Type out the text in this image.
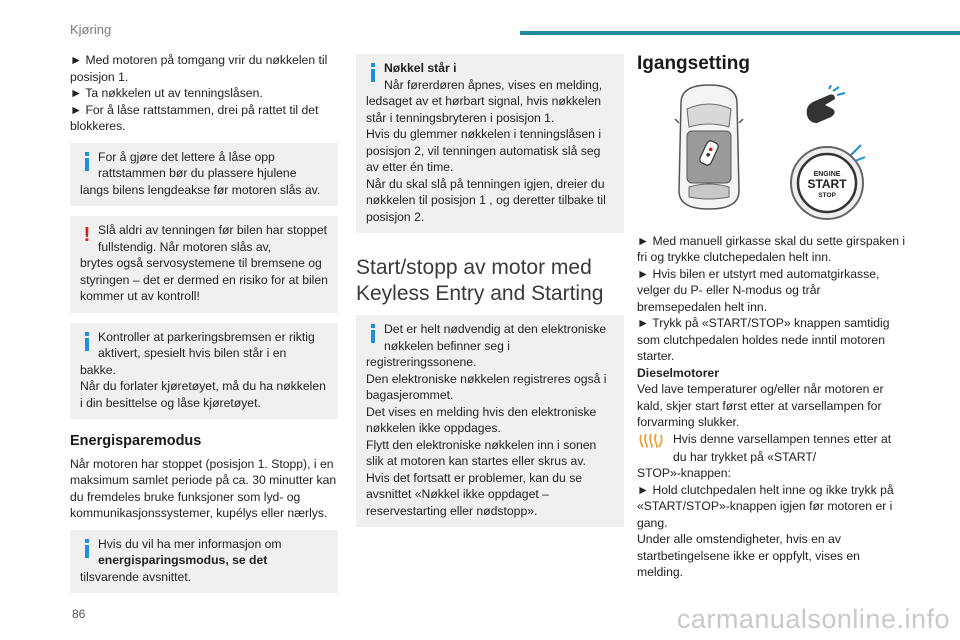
Kjøring

► Med motoren på tomgang vrir du nøkkelen til posisjon 1.
► Ta nøkkelen ut av tenningslåsen.
► For å låse rattstammen, drei på rattet til det blokkeres.

For å gjøre det lettere å låse opp rattstammen bør du plassere hjulene

langs bilens lengdeakse før motoren slås av.

! Slå aldri av tenningen før bilen har stoppet fullstendig. Når motoren slås av,

brytes også servosystemene til bremsene og styringen – det er dermed en risiko for at bilen kommer ut av kontroll!

Kontroller at parkeringsbremsen er riktig aktivert, spesielt hvis bilen står i en

bakke.
Når du forlater kjøretøyet, må du ha nøkkelen i din besittelse og låse kjøretøyet.

Energisparemodus

Når motoren har stoppet (posisjon 1. Stopp), i en maksimum samlet periode på ca. 30 minutter kan du fremdeles bruke funksjoner som lyd- og kommunikasjonssystemer, kupélys eller nærlys.

Hvis du vil ha mer informasjon om

energisparingsmodus, se det

tilsvarende avsnittet.

Nøkkel står i

Når førerdøren åpnes, vises en melding,

ledsaget av et hørbart signal, hvis nøkkelen står i tenningsbryteren i posisjon 1.
Hvis du glemmer nøkkelen i tenningslåsen i posisjon 2, vil tenningen automatisk slå seg av etter én time.
Når du skal slå på tenningen igjen, dreier du nøkkelen til posisjon 1 , og deretter tilbake til posisjon 2.

Start/stopp av motor med Keyless Entry and Starting

Det er helt nødvendig at den elektroniske nøkkelen befinner seg i

registreringssonene.
Den elektroniske nøkkelen registreres også i bagasjerommet.
Det vises en melding hvis den elektroniske nøkkelen ikke oppdages.
Flytt den elektroniske nøkkelen inn i sonen slik at motoren kan startes eller skrus av.
Hvis det fortsatt er problemer, kan du se avsnittet «Nøkkel ikke oppdaget – reservestarting eller nødstopp».

Igangsetting
ENGINE
START
STOP

► Med manuell girkasse skal du sette girspaken i fri og trykke clutchepedalen helt inn.
► Hvis bilen er utstyrt med automatgirkasse, velger du P- eller N-modus og trår bremsepedalen helt inn.
► Trykk på «START/STOP» knappen samtidig som clutchpedalen holdes nede inntil motoren starter.

Dieselmotorer

Ved lave temperaturer og/eller når motoren er kald, skjer start først etter at varsellampen for forvarming slukker.

Hvis denne varsellampen tennes etter at

du har trykket på «START/

STOP»-knappen:
► Hold clutchpedalen helt inne og ikke trykk på «START/STOP»-knappen igjen før motoren er i gang.
Under alle omstendigheter, hvis en av startbetingelsene ikke er oppfylt, vises en melding.

86	carmanualsonline.info
